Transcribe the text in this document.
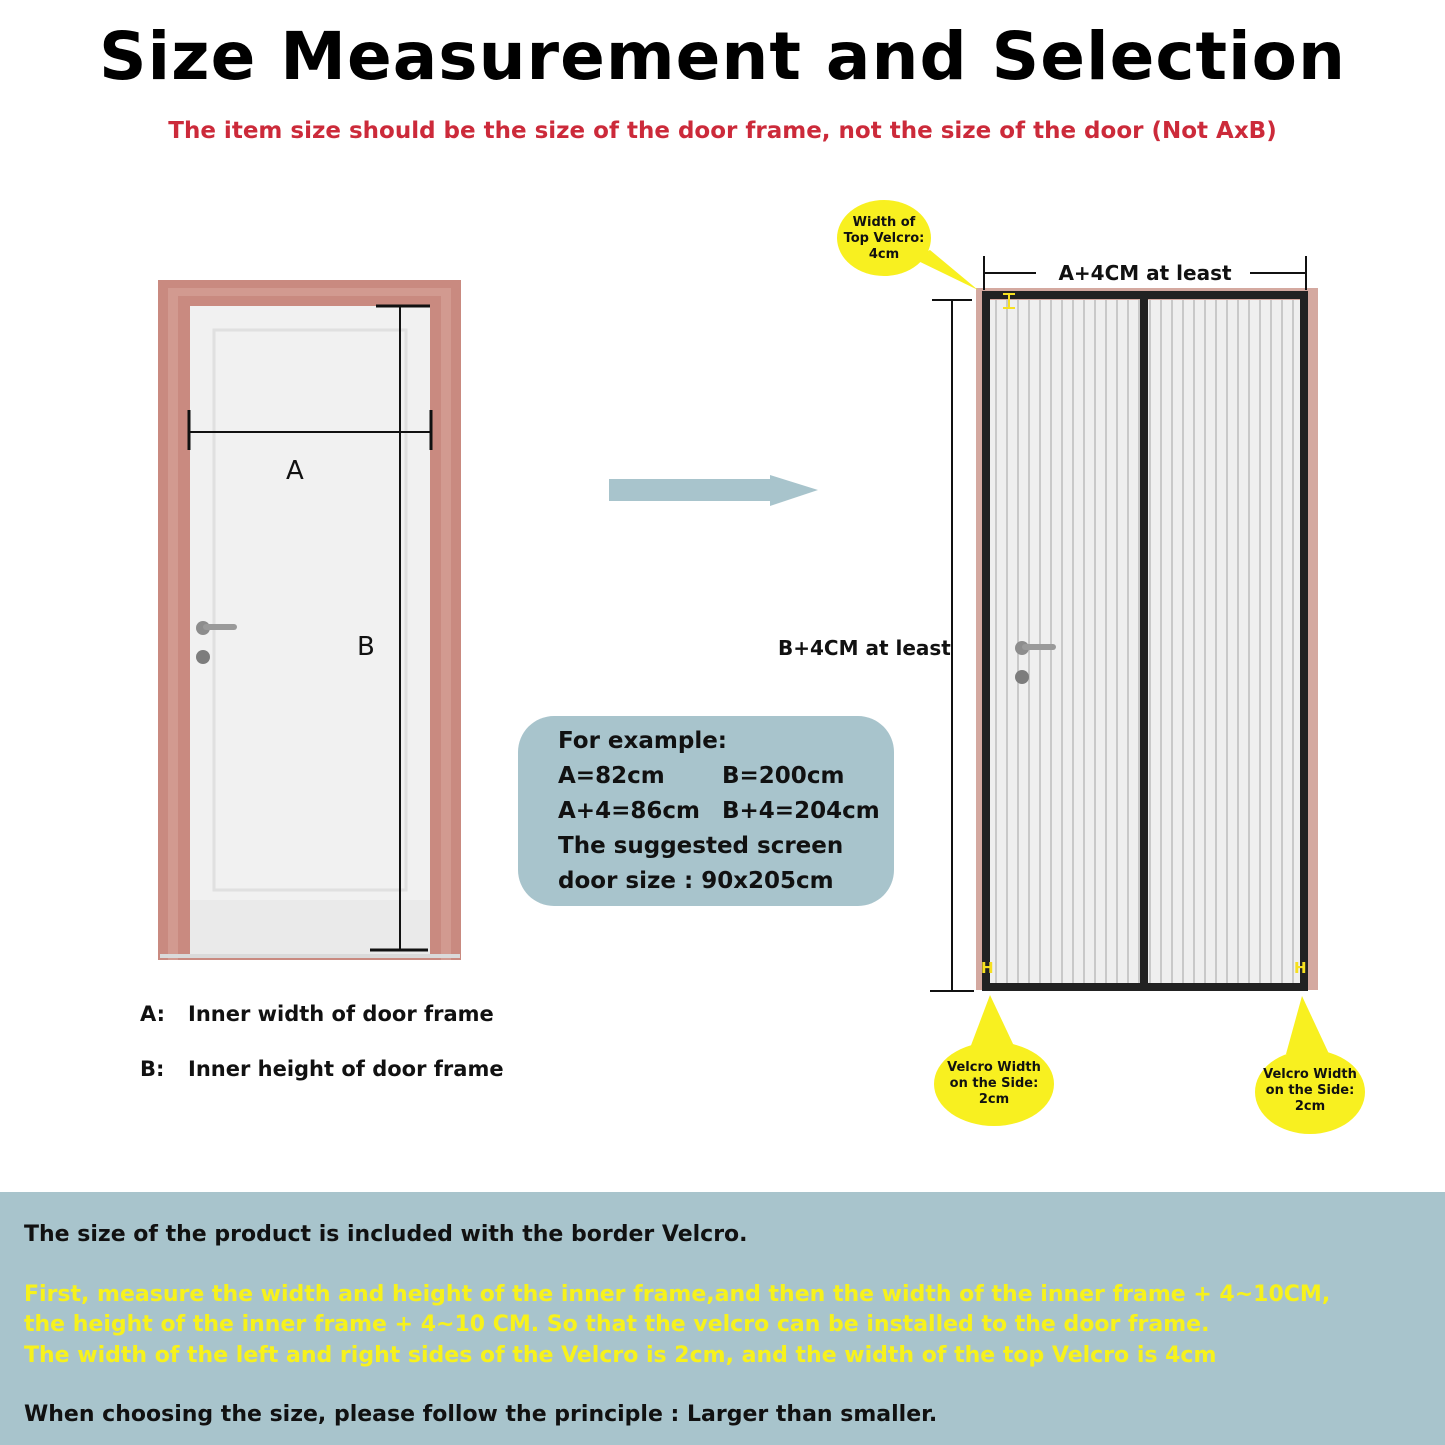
Size Measurement and Selection
The item size should be the size of the door frame, not the size of the door (Not AxB)
A
B
H	H
A+4CM at least
B+4CM at least
Width of
Top Velcro:
4cm
Velcro Width
on the Side:
2cm
Velcro Width
on the Side:
2cm
A: Inner width of door frame
B: Inner height of door frame
For example:
A=82cm B=200cm
A+4=86cm B+4=204cm
The suggested screen
door size : 90x205cm
The size of the product is included with the border Velcro.
First, measure the width and height of the inner frame,and then the width of the inner frame + 4~10CM,
the height of the inner frame + 4~10 CM. So that the velcro can be installed to the door frame.
The width of the left and right sides of the Velcro is 2cm, and the width of the top Velcro is 4cm
When choosing the size, please follow the principle : Larger than smaller.
